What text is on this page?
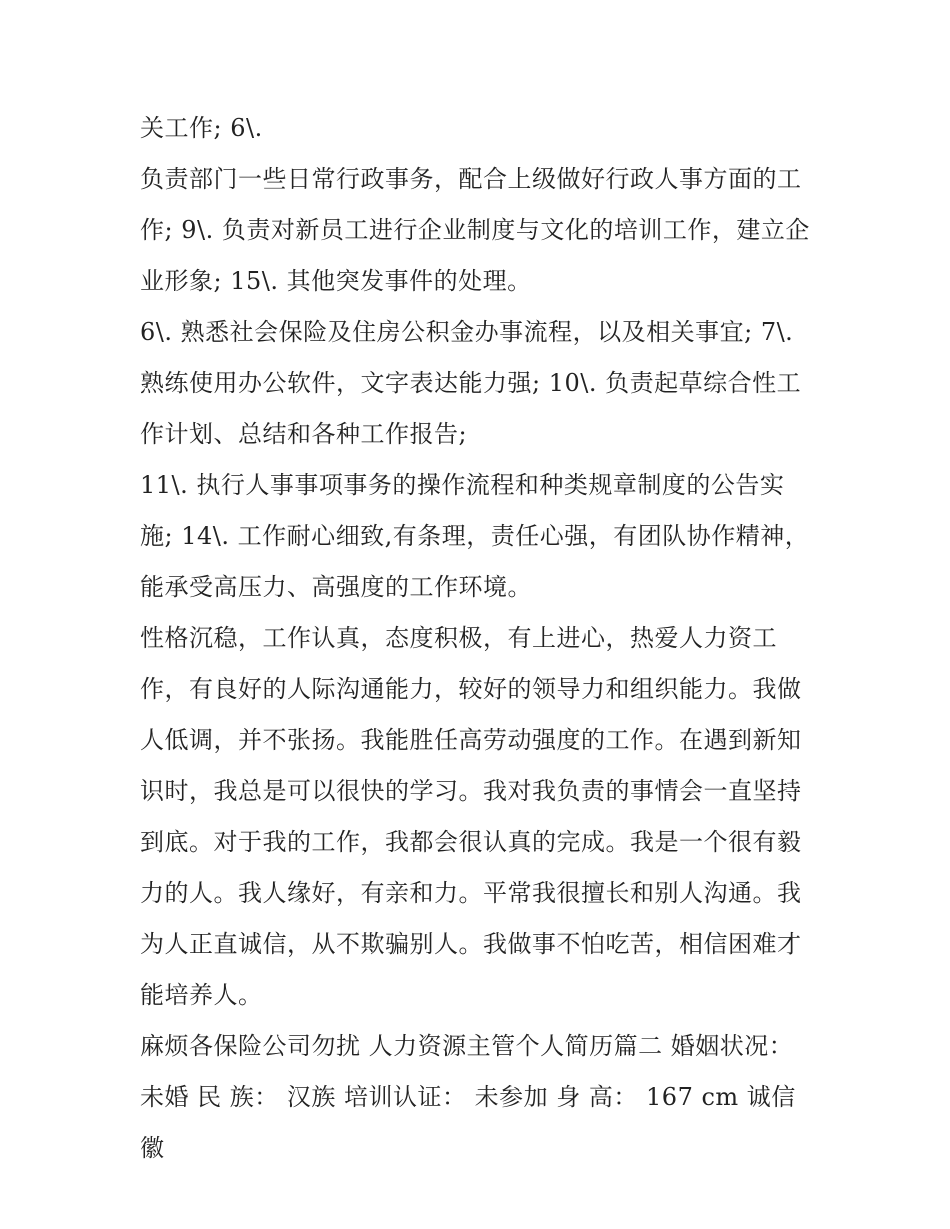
关工作; 6\.

负责部门一些日常行政事务，配合上级做好行政人事方面的工作; 9\. 负责对新员工进行企业制度与文化的培训工作，建立企业形象; 15\. 其他突发事件的处理。

6\. 熟悉社会保险及住房公积金办事流程，以及相关事宜; 7\. 熟练使用办公软件，文字表达能力强; 10\. 负责起草综合性工作计划、总结和各种工作报告;

11\. 执行人事事项事务的操作流程和种类规章制度的公告实施; 14\. 工作耐心细致,有条理，责任心强，有团队协作精神，能承受高压力、高强度的工作环境。

性格沉稳，工作认真，态度积极，有上进心，热爱人力资工作，有良好的人际沟通能力，较好的领导力和组织能力。我做人低调，并不张扬。我能胜任高劳动强度的工作。在遇到新知识时，我总是可以很快的学习。我对我负责的事情会一直坚持到底。对于我的工作，我都会很认真的完成。我是一个很有毅力的人。我人缘好，有亲和力。平常我很擅长和别人沟通。我为人正直诚信，从不欺骗别人。我做事不怕吃苦，相信困难才能培养人。

麻烦各保险公司勿扰 人力资源主管个人简历篇二 婚姻状况： 未婚 民 族： 汉族 培训认证： 未参加 身 高： 167 cm 诚信徽
